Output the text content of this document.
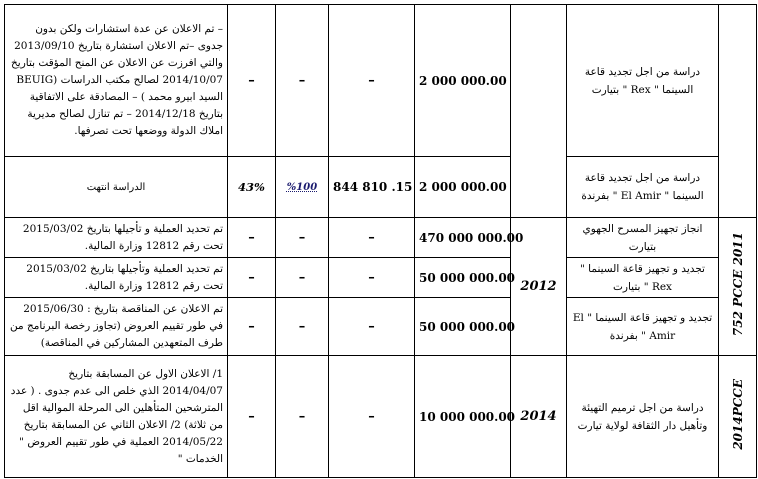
– تم الاعلان عن عدة استشارات ولكن بدون جدوى –تم الاعلان استشارة بتاريخ 2013/09/10 والتي افرزت عن الاعلان عن المنح المؤقت بتاريخ 2014/10/07 لصالح مكتب الدراسات (BEUIG السيد ابيرو محمد ) – المصادقة على الاتفاقية بتاريخ 2014/12/18 – تم تنازل لصالح مديرية املاك الدولة ووضعها تحت تصرفها.	–	–	–	2 000 000.00		دراسة من اجل تجديد قاعة السينما " Rex " بتيارت	
الدراسة انتهت	43%	%100	844 810 .15	2 000 000.00		دراسة من اجل تجديد قاعة السينما " El Amir " بفرندة	
تم تحديد العملية و تأجيلها بتاريخ 2015/03/02 تحت رقم 12812 وزارة المالية.	–	–	–	470 000 000.00	2012	انجاز تجهيز المسرح الجهوي بتيارت	752 PCCE 2011
تم تحديد العملية وتأجيلها بتاريخ 2015/03/02 تحت رقم 12812 وزارة المالية.	–	–	–	50 000 000.00		تجديد و تجهيز قاعة السينما " Rex " بتيارت	
تم الاعلان عن المناقصة بتاريخ : 2015/06/30 في طور تقييم العروض (تجاوز رخصة البرنامج من طرف المتعهدين المشاركين في المناقصة)	–	–	–	50 000 000.00		تجديد و تجهيز قاعة السينما " El Amir " بفرندة	
1/ الاعلان الاول عن المسابقة بتاريخ 2014/04/07 الذي خلص الى عدم جدوى . ( عدد المترشحين المتأهلين الى المرحلة الموالية اقل من ثلاثة) 2/ الاعلان الثاني عن المسابقة بتاريخ 2014/05/22 العملية في طور تقييم العروض " الخدمات "	–	–	–	10 000 000.00	2014	دراسة من اجل ترميم التهيئة وتأهيل دار الثقافة لولاية تيارت	2014PCCE
